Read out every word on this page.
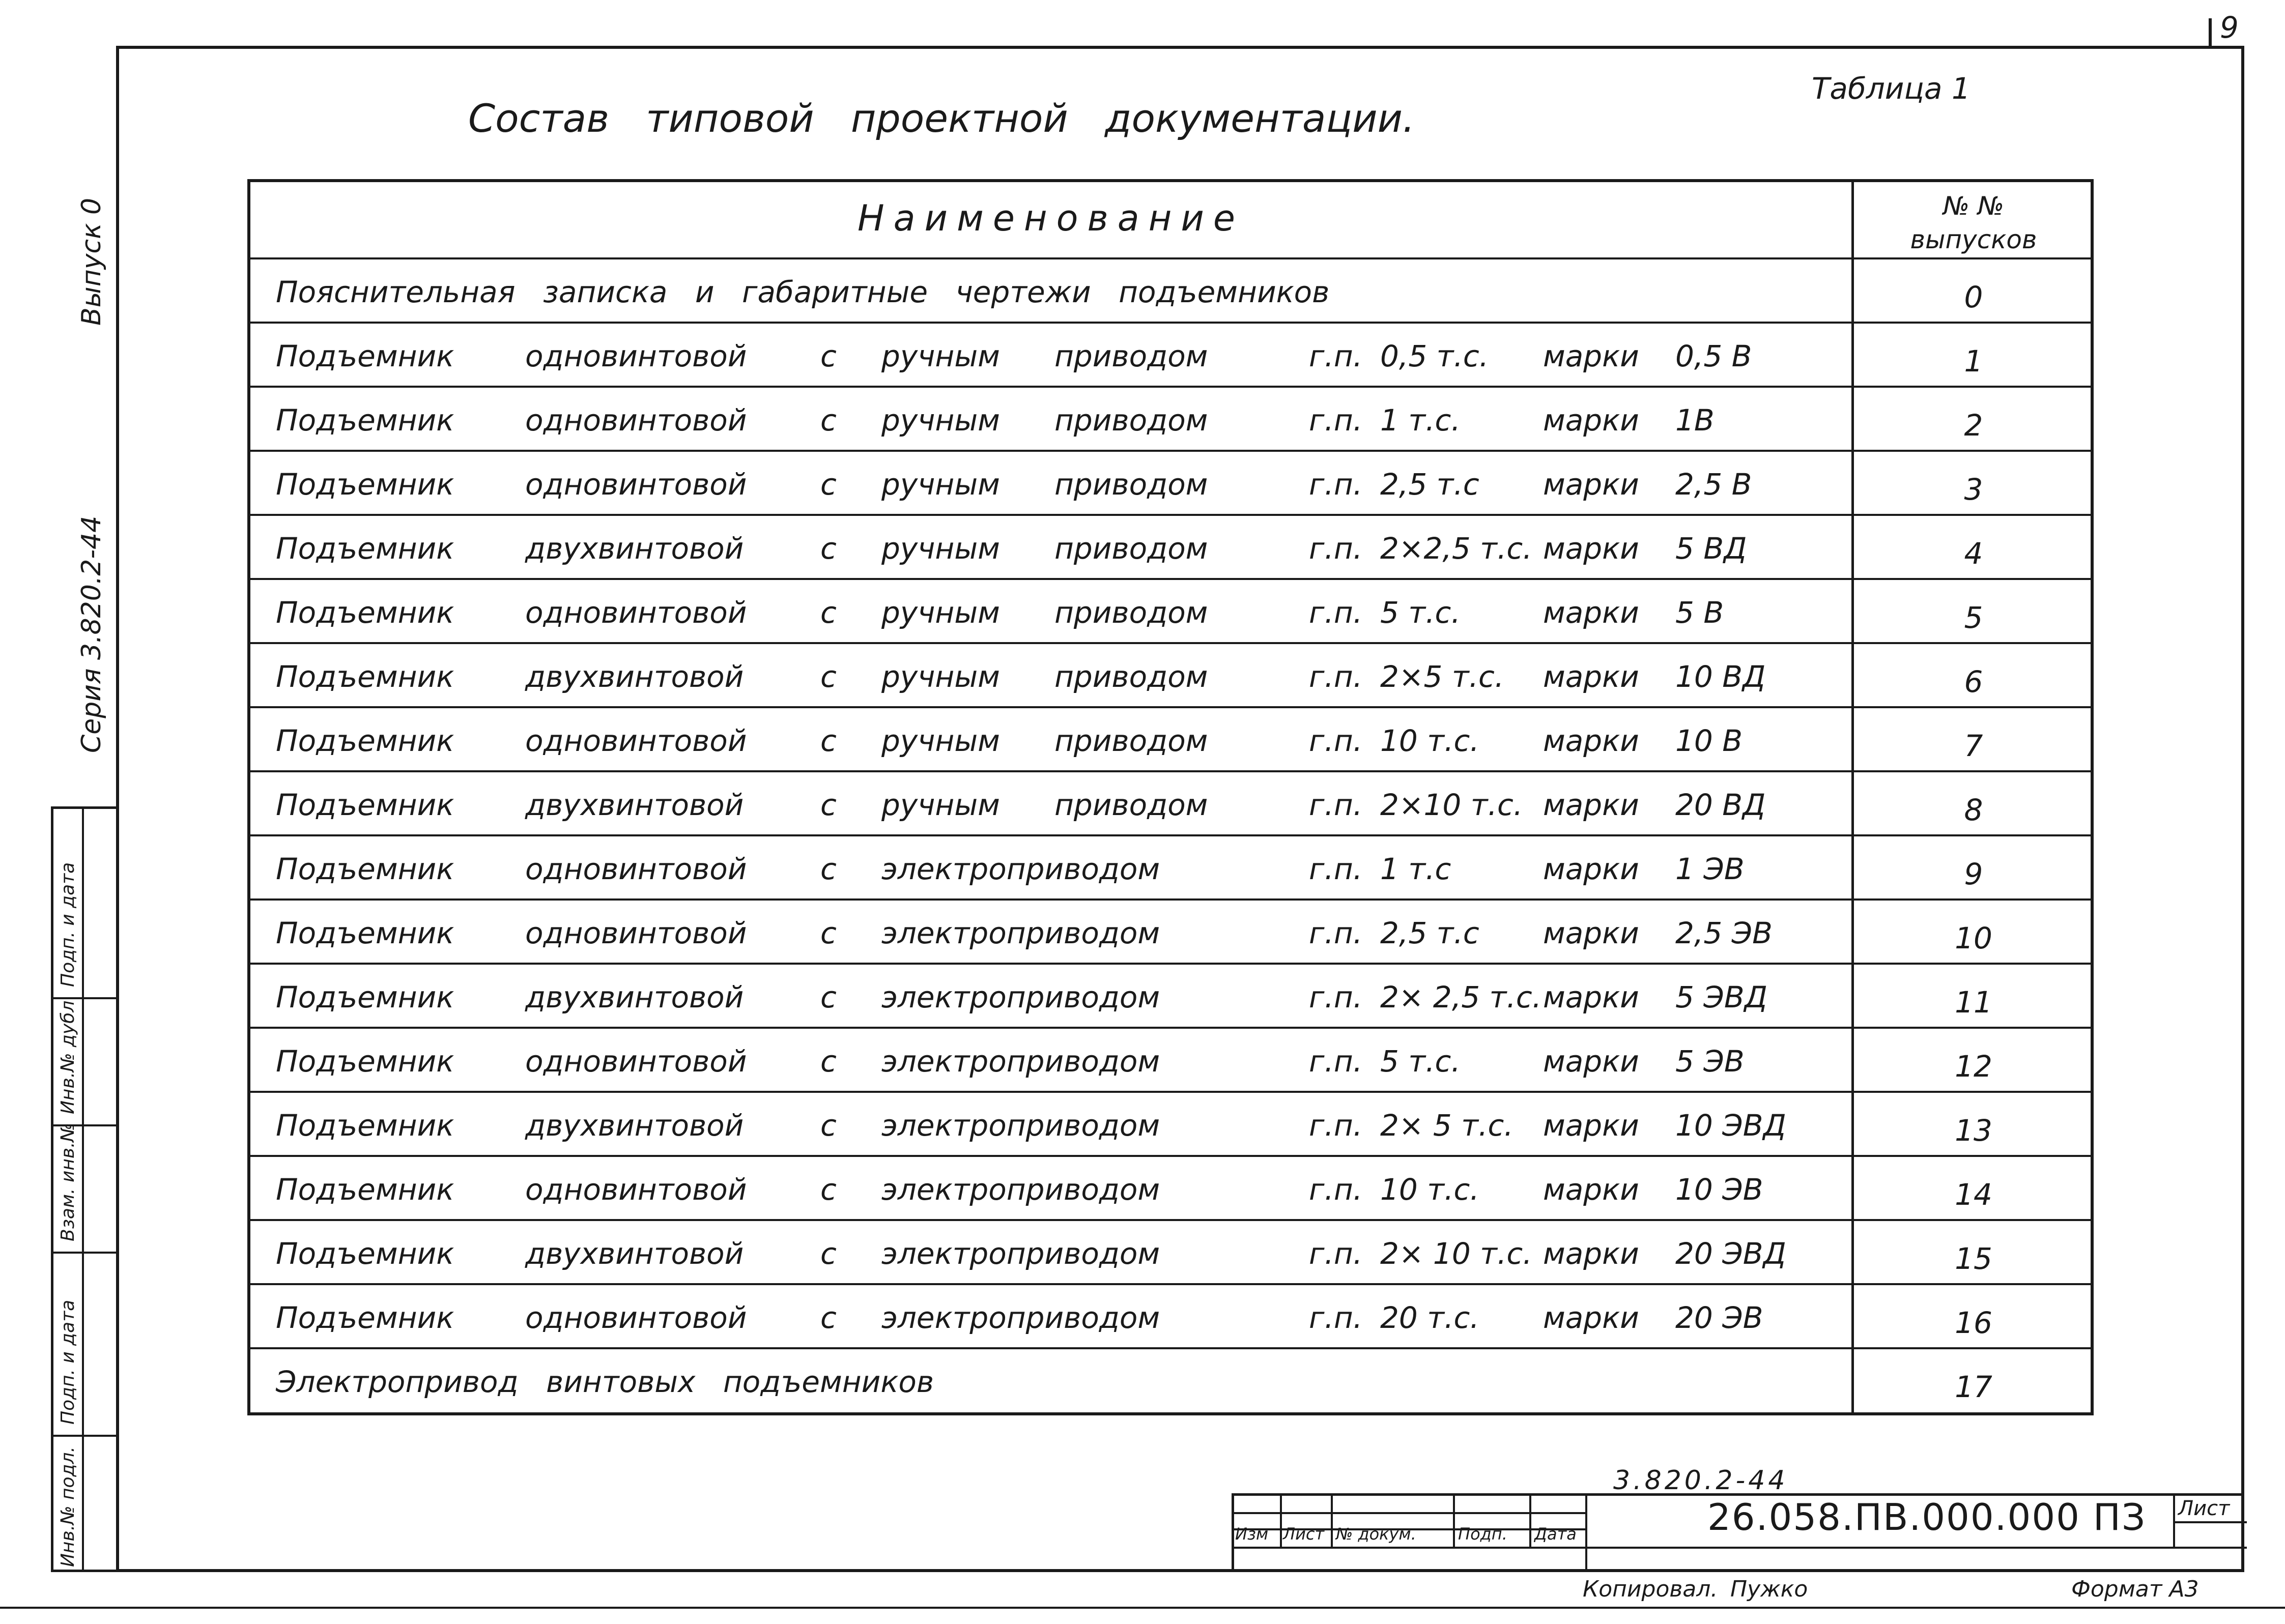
9
Состав типовой проектной документации.
Таблица 1
Выпуск 0
Серия 3.820.2-44
Подп. и дата
Инв.№ дубл
Взам. инв.№
Подп. и дата
Инв.№ подл.
Наименование	№ №
выпусков
Пояснительная записка и габаритные чертежи подъемников	0
Подъемник одновинтовой с ручным приводом	г.п. 0,5 т.с. марки 0,5 В	1
Подъемник одновинтовой с ручным приводом	г.п. 1 т.с.	марки 1В	2
Подъемник одновинтовой с ручным приводом	г.п. 2,5 т.с марки 2,5 В	3
Подъемник двухвинтовой	с ручным приводом	г.п. 2×2,5 т.с. марки 5 ВД	4
Подъемник одновинтовой с ручным приводом	г.п. 5 т.с.	марки 5 В	5
Подъемник двухвинтовой	с ручным приводом	г.п. 2×5 т.с. марки 10 ВД	6
Подъемник одновинтовой с ручным приводом	г.п. 10 т.с. марки 10 В	7
Подъемник двухвинтовой	с ручным приводом	г.п. 2×10 т.с. марки 20 ВД	8
Подъемник одновинтовой с электроприводом	г.п. 1 т.с	марки 1 ЭВ	9
Подъемник одновинтовой с электроприводом	г.п. 2,5 т.с марки 2,5 ЭВ	10
Подъемник двухвинтовой	с электроприводом	г.п. 2× 2,5 т.с. марки 5 ЭВД	11
Подъемник одновинтовой с электроприводом	г.п. 5 т.с.	марки 5 ЭВ	12
Подъемник двухвинтовой	с электроприводом	г.п. 2× 5 т.с. марки 10 ЭВД	13
Подъемник одновинтовой с электроприводом	г.п. 10 т.с. марки 10 ЭВ	14
Подъемник двухвинтовой	с электроприводом	г.п. 2× 10 т.с. марки 20 ЭВД	15
Подъемник одновинтовой с электроприводом	г.п. 20 т.с. марки 20 ЭВ	16
Электропривод винтовых подъемников	17
3.820.2-44
Изм Лист № докум.	Подп. Дата	26.058.ПВ.000.000 ПЗ Лист
Копировал. Пужко	Формат А3
